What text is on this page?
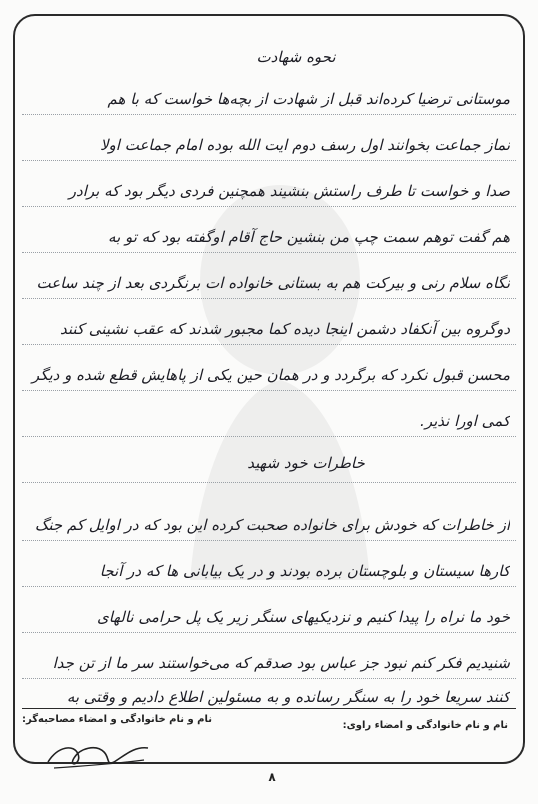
نحوه شهادت
موستانی ترضیا کرده‌اند قبل از شهادت از بچه‌ها خواست که با هم
نماز جماعت بخوانند اول رسف دوم ایت الله بوده امام جماعت اولا
صدا و خواست تا طرف راستش بنشیند همچنین فردی دیگر بود که برادر
هم گفت توهم سمت چپ من بنشین حاج آقام اوگفته بود که تو به
نگاه سلام رنی و بیرکت هم به بستانی خانواده ات برنگردی بعد از چند ساعت
دوگروه بین آنکفاد دشمن اینجا دیده کما مجبور شدند که عقب نشینی کنند
محسن قبول نکرد که برگردد و در همان حین یکی از پاهایش قطع شده و دیگر
کمی اورا نذیر.
خاطرات خود شهید
از خاطرات که خودش برای خانواده صحبت کرده این بود که در اوایل کم جنگ
کارها سیستان و بلوچستان برده بودند و در یک بیابانی ها که در آنجا
خود ما نراه را پیدا کنیم و نزدیکیهای سنگر زیر یک پل حرامی نالهای
شنیدیم فکر کنم نبود جز عباس بود صدقم که می‌خواستند سر ما از تن جدا
کنند سریعا خود را به سنگر رسانده و به مسئولین اطلاع دادیم و وقتی به
نام و نام خانوادگی و امضاء راوی:
نام و نام خانوادگی و امضاء مصاحبه‌گر:
۸
